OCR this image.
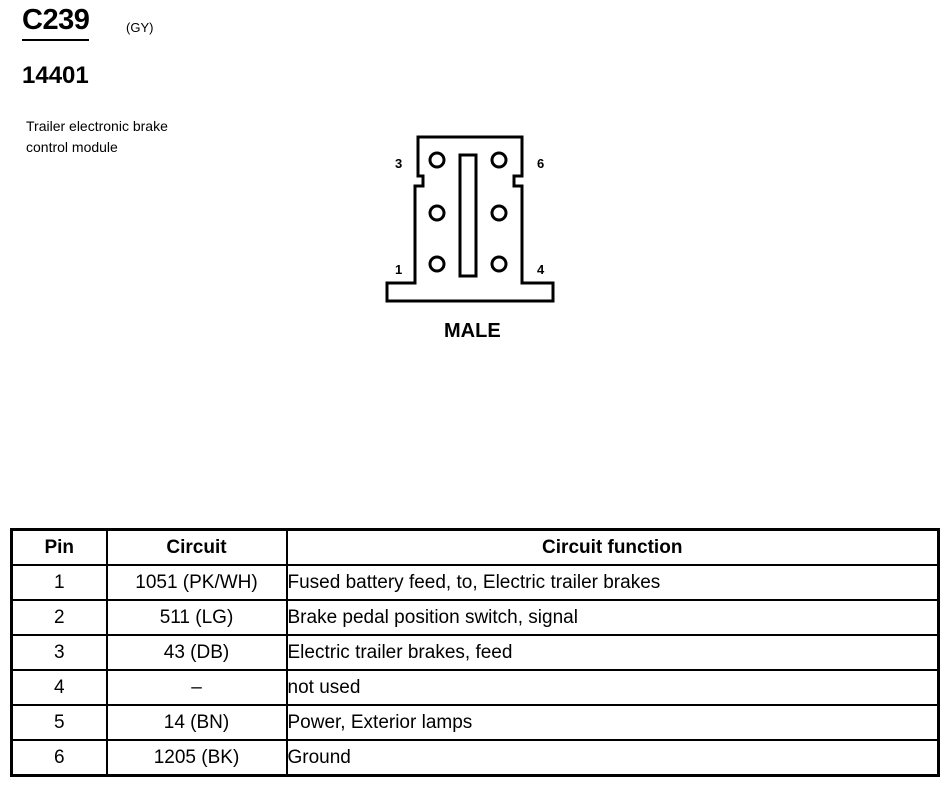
C239	(GY)
14401
Trailer electronic brake
control module
3	6
1	4
MALE
Pin	Circuit	Circuit function
1	1051 (PK/WH)	Fused battery feed, to, Electric trailer brakes
2	511 (LG)	Brake pedal position switch, signal
3	43 (DB)	Electric trailer brakes, feed
4	–	not used
5	14 (BN)	Power, Exterior lamps
6	1205 (BK)	Ground
